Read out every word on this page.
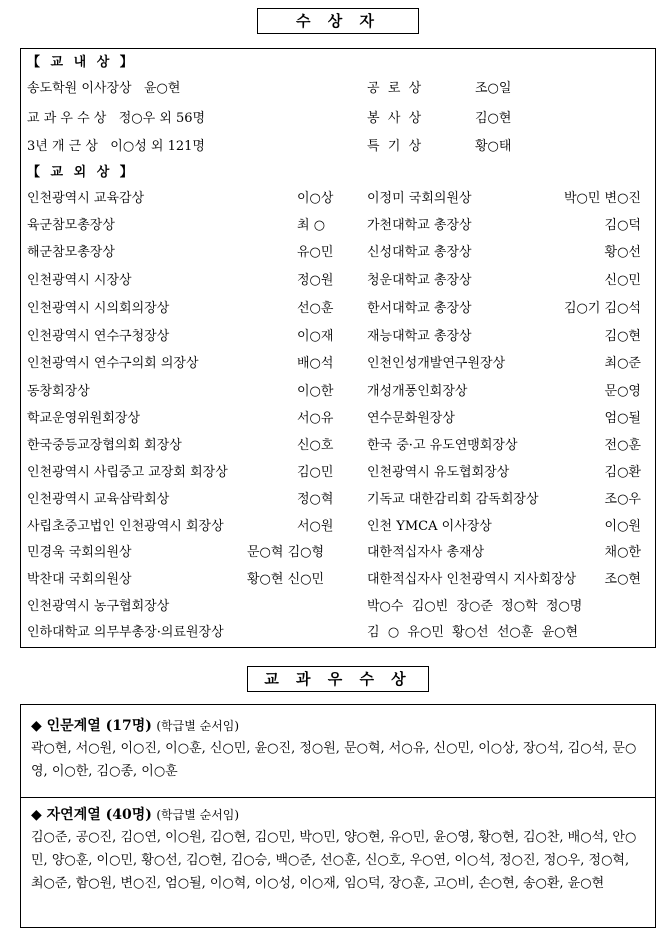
수 상 자
【 교 내 상 】
송도학원 이사장상   윤○현	공  로  상	조○일
교 과 우 수 상   정○우 외 56명	봉  사  상	김○현
3년 개 근 상   이○성 외 121명	특  기  상	황○태
【 교 외 상 】
인천광역시 교육감상	이○상	이정미 국회의원상	박○민 변○진
육군참모총장상	최 ○	가천대학교 총장상	김○덕
해군참모총장상	유○민	신성대학교 총장상	황○선
인천광역시 시장상	정○원	청운대학교 총장상	신○민
인천광역시 시의회의장상	선○훈	한서대학교 총장상	김○기 김○석
인천광역시 연수구청장상	이○재	재능대학교 총장상	김○현
인천광역시 연수구의회 의장상	배○석	인천인성개발연구원장상	최○준
동창회장상	이○한	개성개풍인회장상	문○영
학교운영위원회장상	서○유	연수문화원장상	엄○될
한국중등교장협의회 회장상	신○호	한국 중·고 유도연맹회장상	전○훈
인천광역시 사립중고 교장회 회장상	김○민	인천광역시 유도협회장상	김○환
인천광역시 교육삼락회상	정○혁	기독교 대한감리회 감독회장상	조○우
사립초중고법인 인천광역시 회장상	서○원	인천 YMCA 이사장상	이○원
민경욱 국회의원상	문○혁 김○형	대한적십자사 총재상	채○한
박찬대 국회의원상	황○현 신○민	대한적십자사 인천광역시 지사회장상 조○현
인천광역시 농구협회장상	박○수  김○빈  장○준  정○학  정○명
인하대학교 의무부총장·의료원장상	김  ○  유○민  황○선  선○훈  윤○현
교 과 우 수 상
◆ 인문계열 (17명) (학급별 순서임)
곽○현, 서○원, 이○진, 이○훈, 신○민, 윤○진, 정○원, 문○혁, 서○유, 신○민, 이○상, 장○석, 김○석, 문○영, 이○한, 김○종, 이○훈
◆ 자연계열 (40명) (학급별 순서임)
김○준, 공○진, 김○연, 이○원, 김○현, 김○민, 박○민, 양○현, 유○민, 윤○영, 황○현, 김○찬, 배○석, 안○민, 양○훈, 이○민, 황○선, 김○현, 김○승, 백○준, 선○훈, 신○호, 우○연, 이○석, 정○진, 정○우, 정○혁, 최○준, 함○원, 변○진, 엄○될, 이○혁, 이○성, 이○재, 임○덕, 장○훈, 고○비, 손○현, 송○환, 윤○현
